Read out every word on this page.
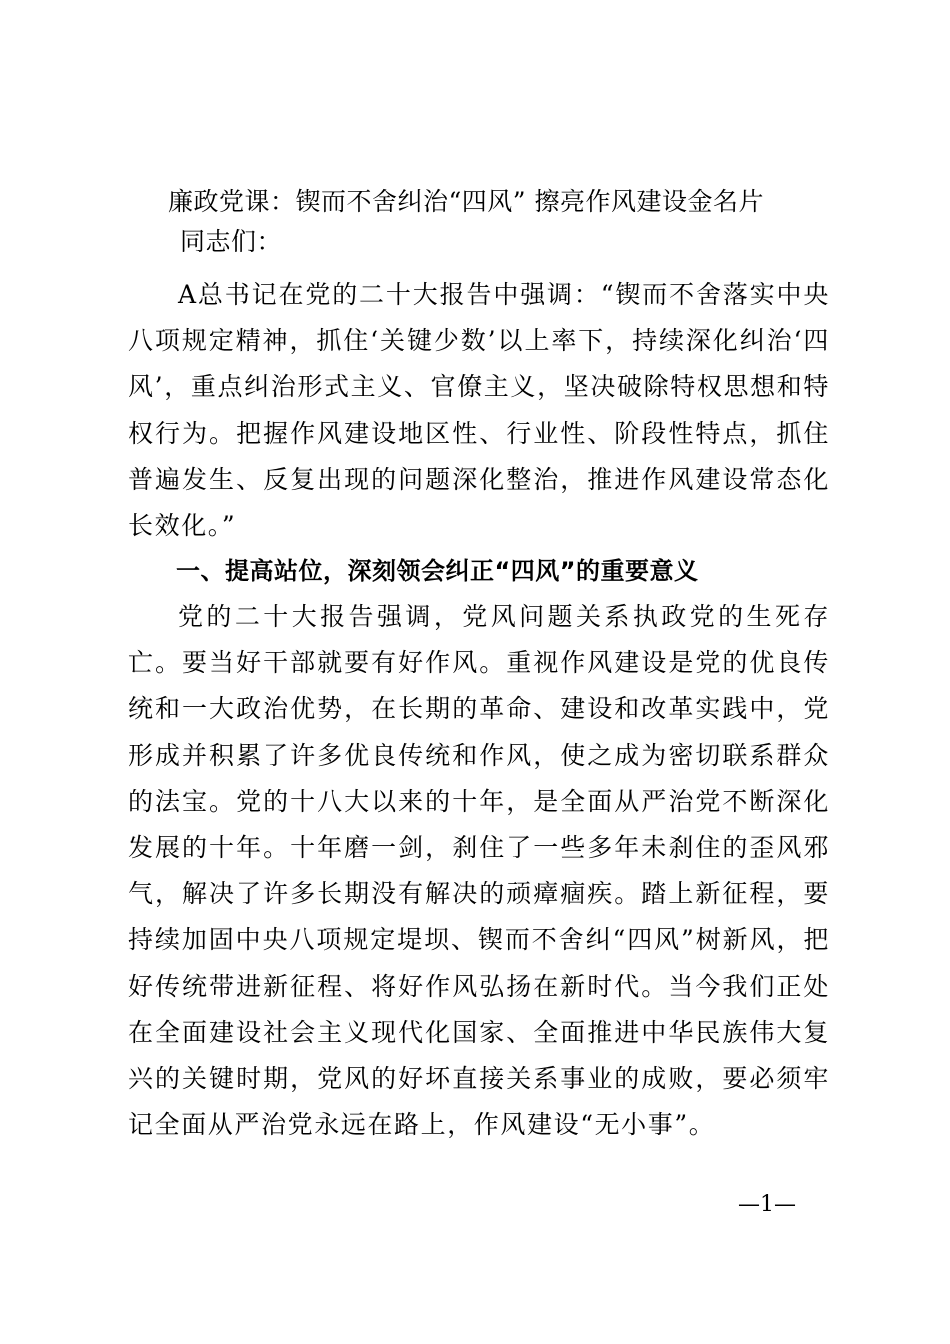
廉政党课：锲而不舍纠治“四风” 擦亮作风建设金名片
同志们：

A总书记在党的二十大报告中强调：“锲而不舍落实中央八项规定精神，抓住‘关键少数’以上率下，持续深化纠治‘四风’，重点纠治形式主义、官僚主义，坚决破除特权思想和特权行为。把握作风建设地区性、行业性、阶段性特点，抓住普遍发生、反复出现的问题深化整治，推进作风建设常态化长效化。”

一、提高站位，深刻领会纠正“四风”的重要意义

党的二十大报告强调，党风问题关系执政党的生死存亡。要当好干部就要有好作风。重视作风建设是党的优良传统和一大政治优势，在长期的革命、建设和改革实践中，党形成并积累了许多优良传统和作风，使之成为密切联系群众的法宝。党的十八大以来的十年，是全面从严治党不断深化发展的十年。十年磨一剑，刹住了一些多年未刹住的歪风邪气，解决了许多长期没有解决的顽瘴痼疾。踏上新征程，要持续加固中央八项规定堤坝、锲而不舍纠“四风”树新风，把好传统带进新征程、将好作风弘扬在新时代。当今我们正处在全面建设社会主义现代化国家、全面推进中华民族伟大复兴的关键时期，党风的好坏直接关系事业的成败，要必须牢记全面从严治党永远在路上，作风建设“无小事”。

—1—
